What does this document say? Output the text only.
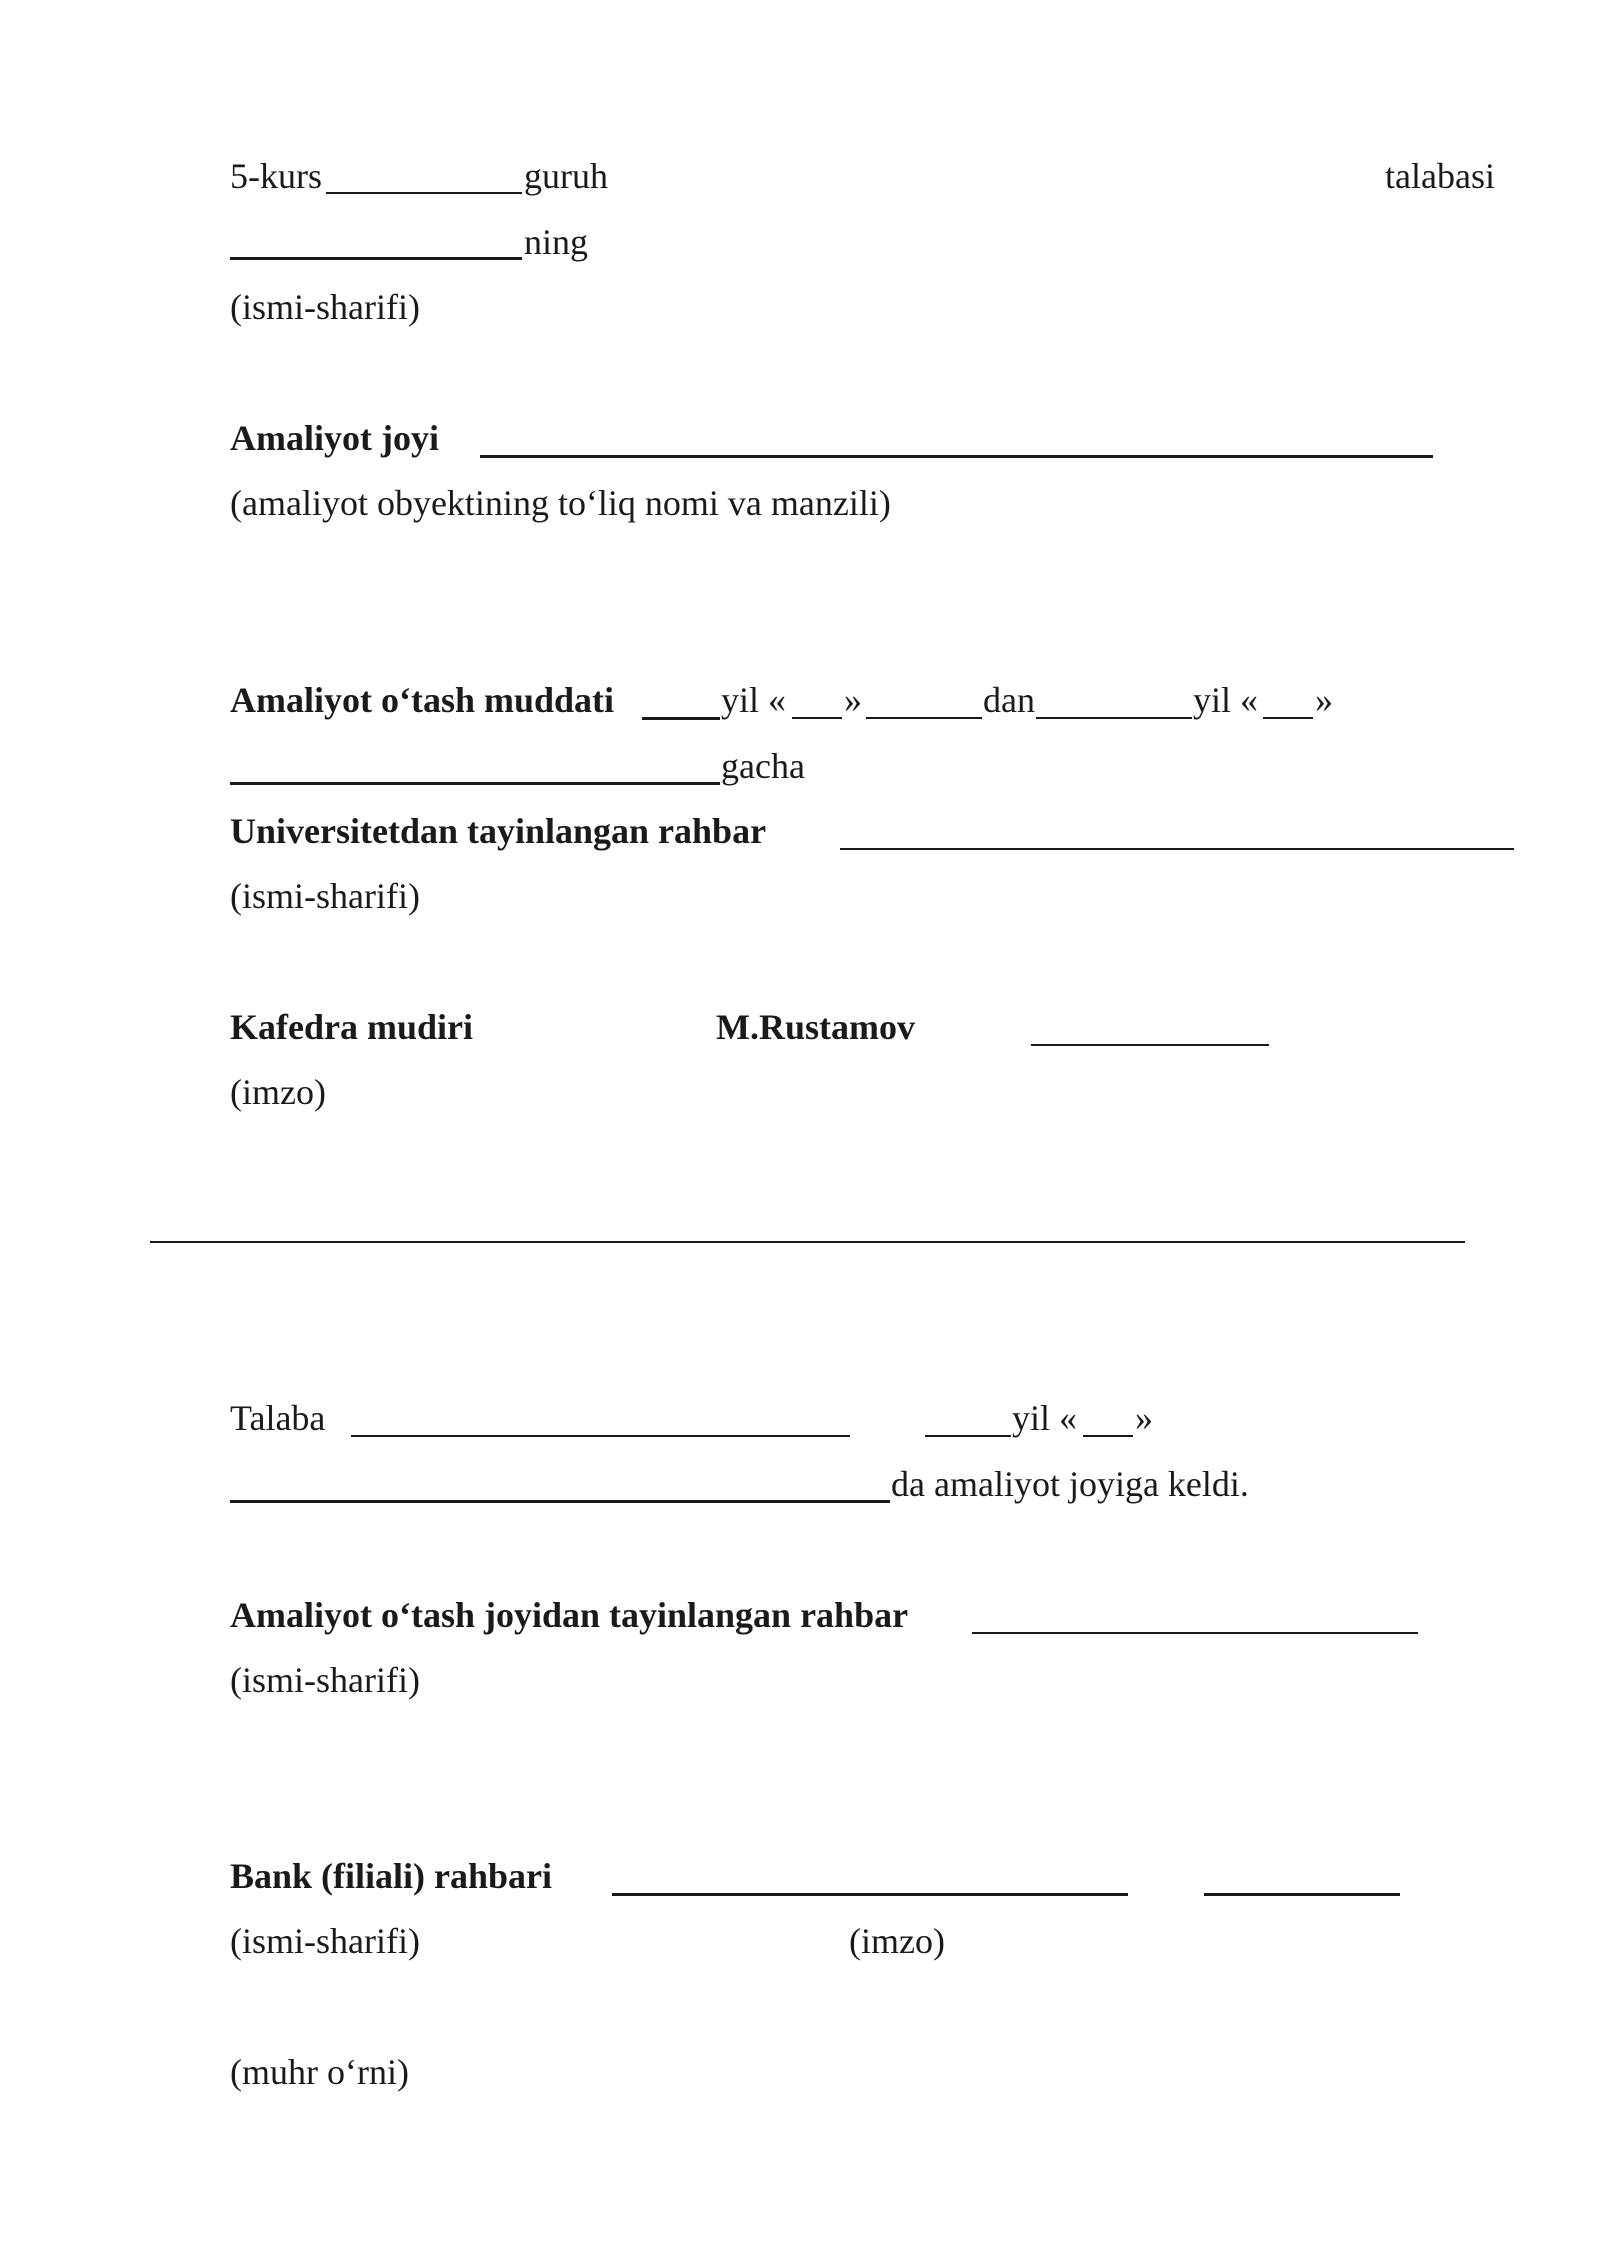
5-kurs	guruh	talabasi
ning
(ismi-sharifi)
Amaliyot joyi
(amaliyot obyektining to‘liq nomi va manzili)
Amaliyot o‘tash muddati	yil « »	dan	yil « »
gacha
Universitetdan tayinlangan rahbar
(ismi-sharifi)
Kafedra mudiri	M.Rustamov
(imzo)
Talaba	yil « »
da amaliyot joyiga keldi.
Amaliyot o‘tash joyidan tayinlangan rahbar
(ismi-sharifi)
Bank (filiali) rahbari
(ismi-sharifi)	(imzo)
(muhr o‘rni)
